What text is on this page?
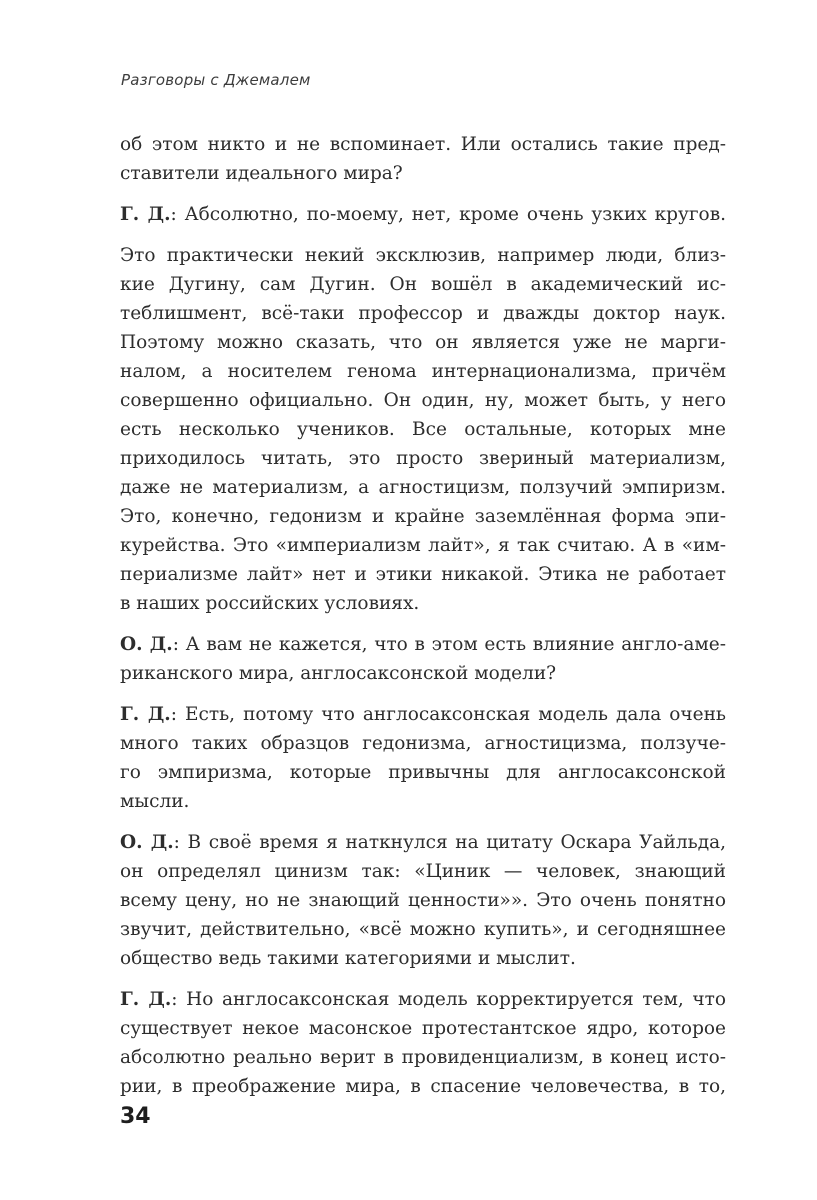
Разговоры с Джемалем
об этом никто и не вспоминает. Или остались такие пред-
ставители идеального мира?
Г. Д.: Абсолютно, по-моему, нет, кроме очень узких кругов.
Это практически некий эксклюзив, например люди, близ-
кие Дугину, сам Дугин. Он вошёл в академический ис-
теблишмент, всё-таки профессор и дважды доктор наук.
Поэтому можно сказать, что он является уже не марги-
налом, а носителем генома интернационализма, причём
совершенно официально. Он один, ну, может быть, у него
есть несколько учеников. Все остальные, которых мне
приходилось читать, это просто звериный материализм,
даже не материализм, а агностицизм, ползучий эмпиризм.
Это, конечно, гедонизм и крайне заземлённая форма эпи-
курейства. Это «империализм лайт», я так считаю. А в «им-
периализме лайт» нет и этики никакой. Этика не работает
в наших российских условиях.
О. Д.: А вам не кажется, что в этом есть влияние англо-аме-
риканского мира, англосаксонской модели?
Г. Д.: Есть, потому что англосаксонская модель дала очень
много таких образцов гедонизма, агностицизма, ползуче-
го эмпиризма, которые привычны для англосаксонской
мысли.
О. Д.: В своё время я наткнулся на цитату Оскара Уайльда,
он определял цинизм так: «Циник — человек, знающий
всему цену, но не знающий ценности»». Это очень понятно
звучит, действительно, «всё можно купить», и сегодняшнее
общество ведь такими категориями и мыслит.
Г. Д.: Но англосаксонская модель корректируется тем, что
существует некое масонское протестантское ядро, которое
абсолютно реально верит в провиденциализм, в конец исто-
рии, в преображение мира, в спасение человечества, в то,
34
